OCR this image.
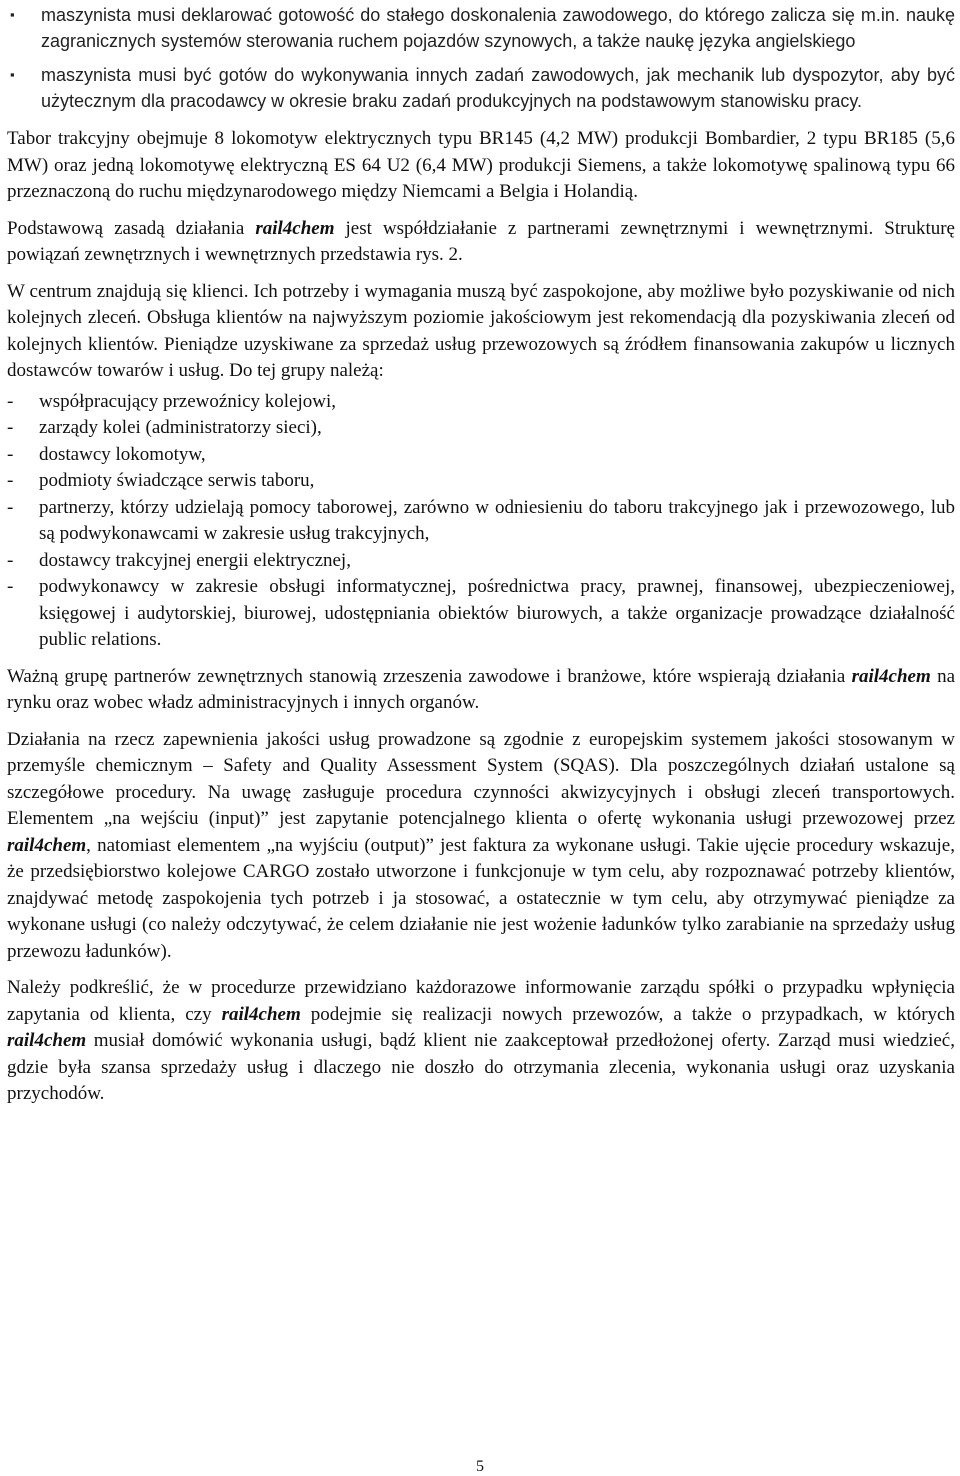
▪ maszynista musi deklarować gotowość do stałego doskonalenia zawodowego, do którego zalicza się m.in. naukę zagranicznych systemów sterowania ruchem pojazdów szynowych, a także naukę języka angielskiego
▪ maszynista musi być gotów do wykonywania innych zadań zawodowych, jak mechanik lub dyspozytor, aby być użytecznym dla pracodawcy w okresie braku zadań produkcyjnych na podstawowym stanowisku pracy.

Tabor trakcyjny obejmuje 8 lokomotyw elektrycznych typu BR145 (4,2 MW) produkcji Bombardier, 2 typu BR185 (5,6 MW) oraz jedną lokomotywę elektryczną ES 64 U2 (6,4 MW) produkcji Siemens, a także lokomotywę spalinową typu 66 przeznaczoną do ruchu międzynarodowego między Niemcami a Belgia i Holandią.

Podstawową zasadą działania rail4chem jest współdziałanie z partnerami zewnętrznymi i wewnętrznymi. Strukturę powiązań zewnętrznych i wewnętrznych przedstawia rys. 2.

W centrum znajdują się klienci. Ich potrzeby i wymagania muszą być zaspokojone, aby możliwe było pozyskiwanie od nich kolejnych zleceń. Obsługa klientów na najwyższym poziomie jakościowym jest rekomendacją dla pozyskiwania zleceń od kolejnych klientów. Pieniądze uzyskiwane za sprzedaż usług przewozowych są źródłem finansowania zakupów u licznych dostawców towarów i usług. Do tej grupy należą:

- współpracujący przewoźnicy kolejowi,
- zarządy kolei (administratorzy sieci),
- dostawcy lokomotyw,
- podmioty świadczące serwis taboru,
- partnerzy, którzy udzielają pomocy taborowej, zarówno w odniesieniu do taboru trakcyjnego jak i przewozowego, lub są podwykonawcami w zakresie usług trakcyjnych,
- dostawcy trakcyjnej energii elektrycznej,
- podwykonawcy w zakresie obsługi informatycznej, pośrednictwa pracy, prawnej, finansowej, ubezpieczeniowej, księgowej i audytorskiej, biurowej, udostępniania obiektów biurowych, a także organizacje prowadzące działalność public relations.

Ważną grupę partnerów zewnętrznych stanowią zrzeszenia zawodowe i branżowe, które wspierają działania rail4chem na rynku oraz wobec władz administracyjnych i innych organów.

Działania na rzecz zapewnienia jakości usług prowadzone są zgodnie z europejskim systemem jakości stosowanym w przemyśle chemicznym – Safety and Quality Assessment System (SQAS). Dla poszczególnych działań ustalone są szczegółowe procedury. Na uwagę zasługuje procedura czynności akwizycyjnych i obsługi zleceń transportowych. Elementem „na wejściu (input)” jest zapytanie potencjalnego klienta o ofertę wykonania usługi przewozowej przez rail4chem, natomiast elementem „na wyjściu (output)” jest faktura za wykonane usługi. Takie ujęcie procedury wskazuje, że przedsiębiorstwo kolejowe CARGO zostało utworzone i funkcjonuje w tym celu, aby rozpoznawać potrzeby klientów, znajdywać metodę zaspokojenia tych potrzeb i ja stosować, a ostatecznie w tym celu, aby otrzymywać pieniądze za wykonane usługi (co należy odczytywać, że celem działanie nie jest wożenie ładunków tylko zarabianie na sprzedaży usług przewozu ładunków).

Należy podkreślić, że w procedurze przewidziano każdorazowe informowanie zarządu spółki o przypadku wpłynięcia zapytania od klienta, czy rail4chem podejmie się realizacji nowych przewozów, a także o przypadkach, w których rail4chem musiał domówić wykonania usługi, bądź klient nie zaakceptował przedłożonej oferty. Zarząd musi wiedzieć, gdzie była szansa sprzedaży usług i dlaczego nie doszło do otrzymania zlecenia, wykonania usługi oraz uzyskania przychodów.

5
